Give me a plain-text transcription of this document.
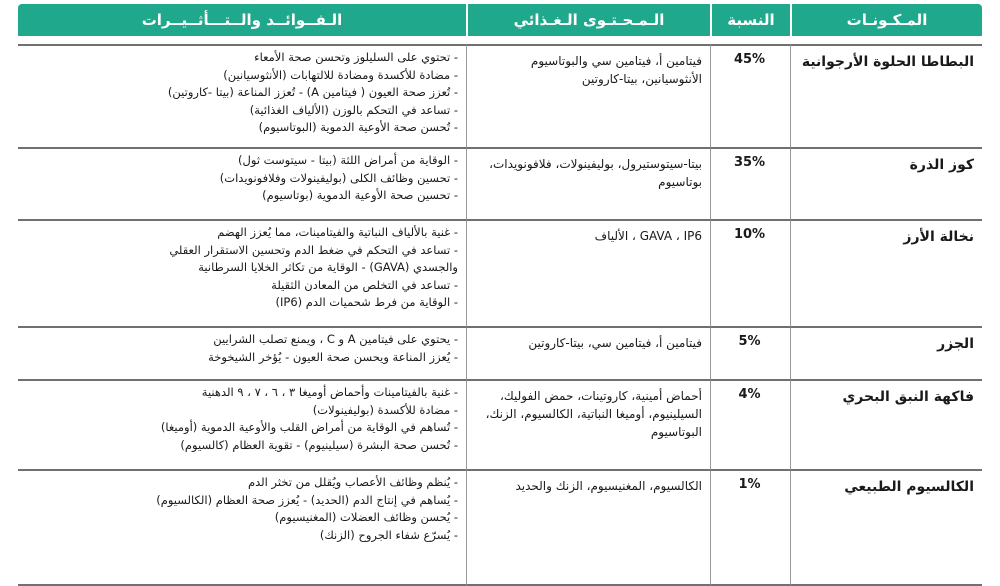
المـكـونـات	النسبة	الـمـحـتـوى الـغـذائي	الـفــوائــد والــتـــأثــيــرات
البطاطا الحلوة الأرجوانية	45%	فيتامين أ، فيتامين سي والبوتاسيوم الأنثوسيانين، بيتا-كاروتين	- تحتوي على السليلوز وتحسن صحة الأمعاء
- مضادة للأكسدة ومضادة للالتهابات (الأنثوسيانين)
- تُعزز صحة العيون ( فيتامين A) - تُعزز المناعة (بيتا -كاروتين)
- تساعد في التحكم بالوزن (الألياف الغذائية)
- تُحسن صحة الأوعية الدموية (البوتاسيوم)

كوز الذرة	35%	بيتا-سيتوستيرول، بوليفينولات، فلافونويدات، بوتاسيوم	- الوقاية من أمراض اللثة (بيتا - سيتوست ثول)
- تحسين وظائف الكلى (بوليفينولات وفلافونويدات)
- تحسين صحة الأوعية الدموية (بوتاسيوم)

نخالة الأرز	10%	GAVA ، IP6 ، الألياف	- غنية بالألياف النباتية والفيتامينات، مما يُعزز الهضم
- تساعد في التحكم في ضغط الدم وتحسين الاستقرار العقلي
والجسدي (GAVA) - الوقاية من تكاثر الخلايا السرطانية
- تساعد في التخلص من المعادن الثقيلة
- الوقاية من فرط شحميات الدم (IP6)

الجزر	5%	فيتامين أ، فيتامين سي، بيتا-كاروتين	- يحتوي على فيتامين A و C ، ويمنع تصلب الشرايين
- يُعزز المناعة ويحسن صحة العيون - يُؤخر الشيخوخة

فاكهة النبق البحري	4%	أحماض أمينية، كاروتينات، حمض الفوليك، السيلينيوم، أوميغا النباتية، الكالسيوم، الزنك، البوتاسيوم	- غنية بالفيتامينات وأحماض أوميغا ٣ ، ٦ ، ٧ ، ٩ الدهنية
- مضادة للأكسدة (بوليفينولات)
- تُساهم في الوقاية من أمراض القلب والأوعية الدموية (أوميغا)
- تُحسن صحة البشرة (سيلينيوم) - تقوية العظام (كالسيوم)

الكالسيوم الطبيعي	1%	الكالسيوم، المغنيسيوم، الزنك والحديد	- يُنظم وظائف الأعصاب ويُقلل من تخثر الدم
- يُساهم في إنتاج الدم (الحديد) - يُعزز صحة العظام (الكالسيوم)
- يُحسن وظائف العضلات (المغنيسيوم)
- يُسرّع شفاء الجروح (الزنك)
